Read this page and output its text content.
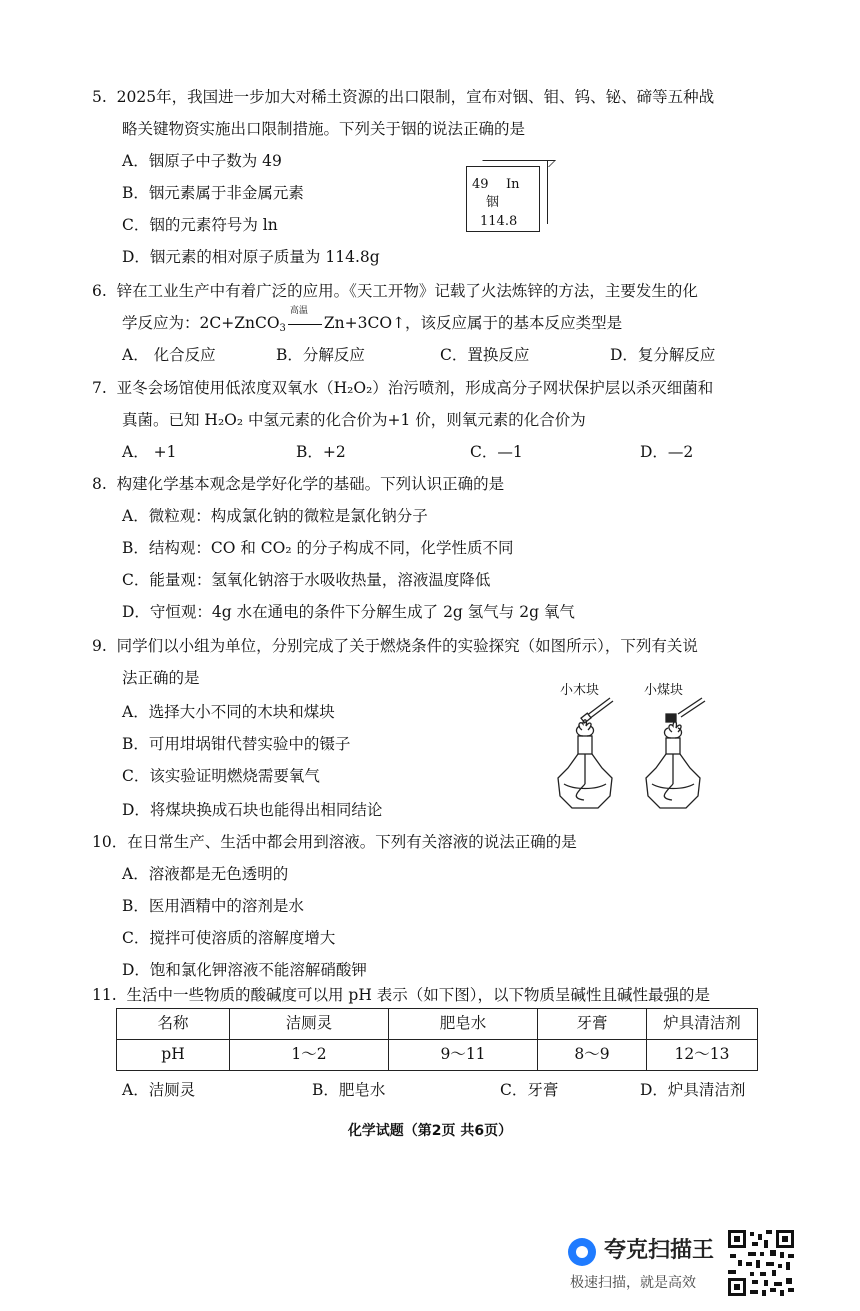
5.  2025年，我国进一步加大对稀土资源的出口限制，宣布对铟、钼、钨、铋、碲等五种战
略关键物资实施出口限制措施。下列关于铟的说法正确的是
A．铟原子中子数为 49
B．铟元素属于非金属元素
C．铟的元素符号为 ln
D．铟元素的相对原子质量为 114.8g
49 In
铟
114.8
6.  锌在工业生产中有着广泛的应用。《天工开物》记载了火法炼锌的方法，主要发生的化
学反应为：2C+ZnCO$_3$
高温
Zn+3CO↑，该反应属于的基本反应类型是
A． 化合反应	B．分解反应	C．置换反应	D．复分解反应
7.  亚冬会场馆使用低浓度双氧水（H₂O₂）治污喷剂，形成高分子网状保护层以杀灭细菌和
真菌。已知 H₂O₂ 中氢元素的化合价为+1 价，则氧元素的化合价为
A． +1	B．+2	C．—1	D．—2
8.  构建化学基本观念是学好化学的基础。下列认识正确的是
A．微粒观：构成氯化钠的微粒是氯化钠分子
B．结构观：CO 和 CO₂ 的分子构成不同，化学性质不同
C．能量观：氢氧化钠溶于水吸收热量，溶液温度降低
D．守恒观：4g 水在通电的条件下分解生成了 2g 氢气与 2g 氧气
9.  同学们以小组为单位，分别完成了关于燃烧条件的实验探究（如图所示），下列有关说
法正确的是
A．选择大小不同的木块和煤块
B．可用坩埚钳代替实验中的镊子
C．该实验证明燃烧需要氧气
D．将煤块换成石块也能得出相同结论
小木块	小煤块
10．在日常生产、生活中都会用到溶液。下列有关溶液的说法正确的是
A．溶液都是无色透明的
B．医用酒精中的溶剂是水
C．搅拌可使溶质的溶解度增大
D．饱和氯化钾溶液不能溶解硝酸钾
11.  生活中一些物质的酸碱度可以用 pH 表示（如下图），以下物质呈碱性且碱性最强的是
名称	洁厕灵	肥皂水	牙膏	炉具清洁剂
pH	1～2	9～11	8～9	12～13
A．洁厕灵	B．肥皂水	C．牙膏	D．炉具清洁剂
化学试题（第2页 共6页）
夸克扫描王
极速扫描，就是高效
